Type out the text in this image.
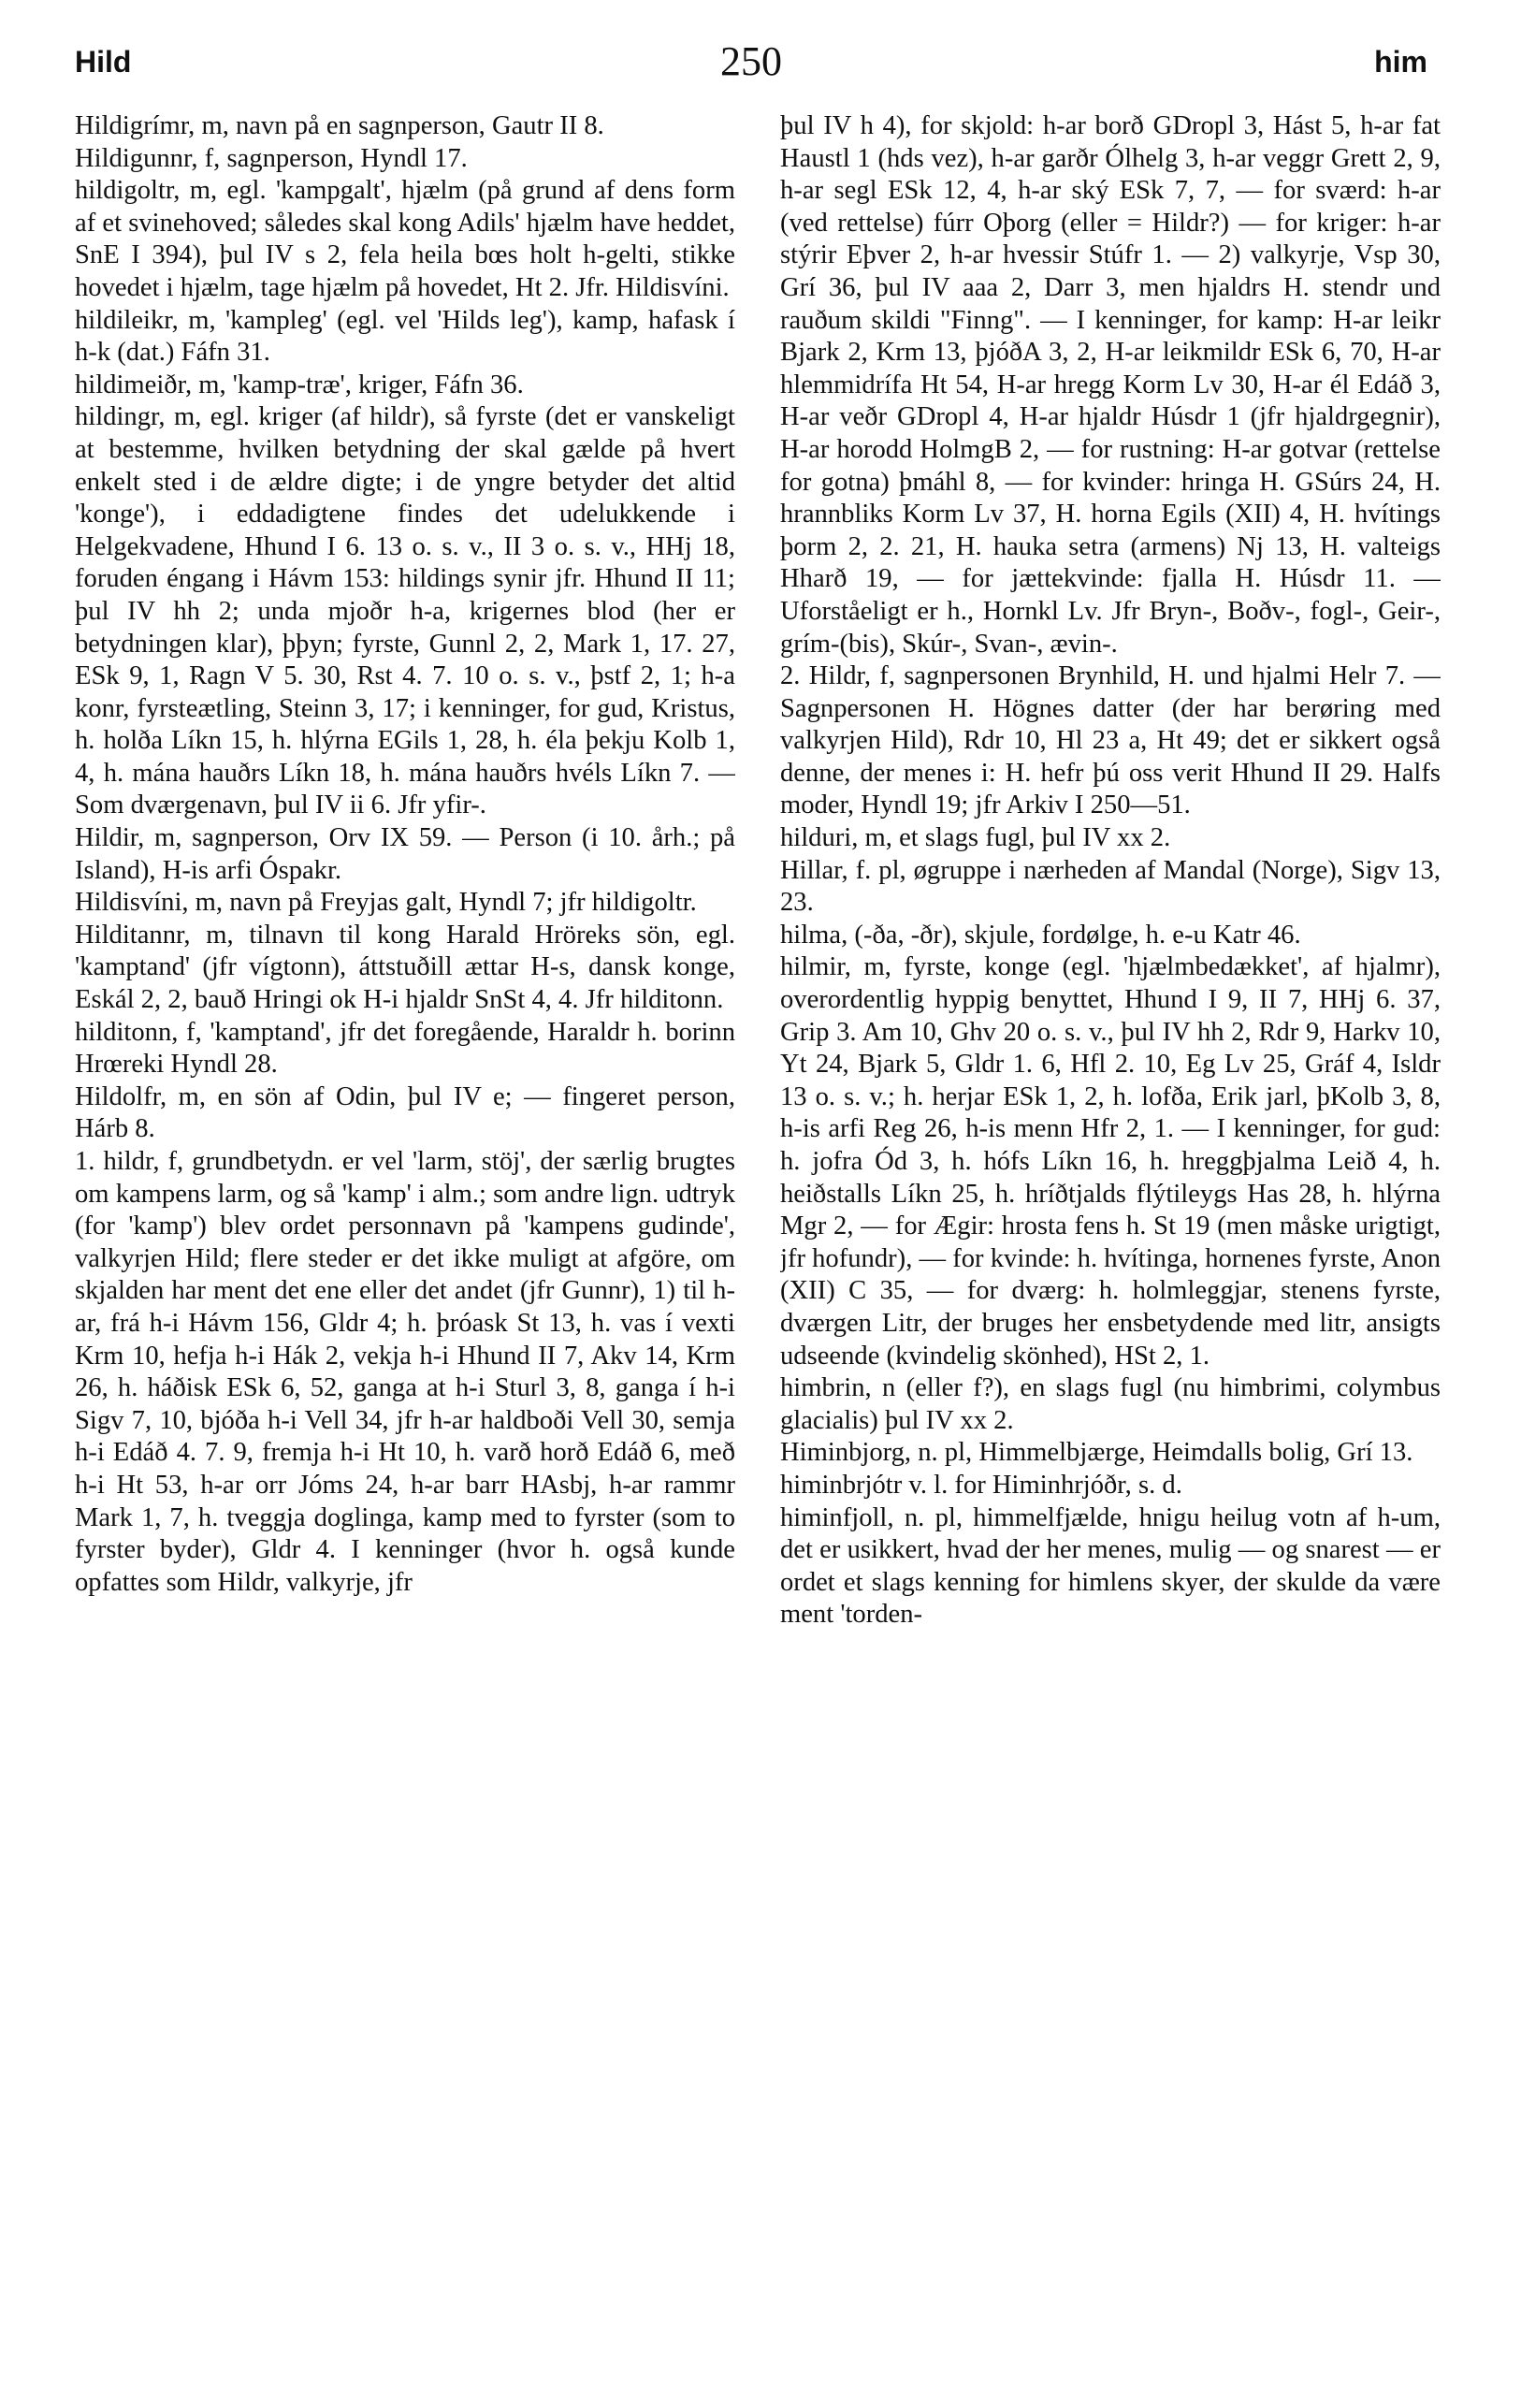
Hild	250	him

Hildigrímr, m, navn på en sagnperson, Gautr II 8.

Hildigunnr, f, sagnperson, Hyndl 17.

hildigoltr, m, egl. 'kampgalt', hjælm (på grund af dens form af et svinehoved; således skal kong Adils' hjælm have heddet, SnE I 394), þul IV s 2, fela heila bœs holt h-gelti, stikke hovedet i hjælm, tage hjælm på hovedet, Ht 2. Jfr. Hildisvíni.

hildileikr, m, 'kampleg' (egl. vel 'Hilds leg'), kamp, hafask í h-k (dat.) Fáfn 31.

hildimeiðr, m, 'kamp-træ', kriger, Fáfn 36.

hildingr, m, egl. kriger (af hildr), så fyrste (det er vanskeligt at bestemme, hvilken betydning der skal gælde på hvert enkelt sted i de ældre digte; i de yngre betyder det altid 'konge'), i eddadigtene findes det udelukkende i Helgekvadene, Hhund I 6. 13 o. s. v., II 3 o. s. v., HHj 18, foruden éngang i Hávm 153: hildings synir jfr. Hhund II 11; þul IV hh 2; unda mjoðr h-a, krigernes blod (her er betydningen klar), þþyn; fyrste, Gunnl 2, 2, Mark 1, 17. 27, ESk 9, 1, Ragn V 5. 30, Rst 4. 7. 10 o. s. v., þstf 2, 1; h-a konr, fyrsteætling, Steinn 3, 17; i kenninger, for gud, Kristus, h. holða Líkn 15, h. hlýrna EGils 1, 28, h. éla þekju Kolb 1, 4, h. mána hauðrs Líkn 18, h. mána hauðrs hvéls Líkn 7. — Som dværgenavn, þul IV ii 6. Jfr yfir-.

Hildir, m, sagnperson, Orv IX 59. — Person (i 10. årh.; på Island), H-is arfi Óspakr.

Hildisvíni, m, navn på Freyjas galt, Hyndl 7; jfr hildigoltr.

Hilditannr, m, tilnavn til kong Harald Hröreks sön, egl. 'kamptand' (jfr vígtonn), áttstuðill ættar H-s, dansk konge, Eskál 2, 2, bauð Hringi ok H-i hjaldr SnSt 4, 4. Jfr hilditonn.

hilditonn, f, 'kamptand', jfr det foregående, Haraldr h. borinn Hrœreki Hyndl 28.

Hildolfr, m, en sön af Odin, þul IV e; — fingeret person, Hárb 8.

1. hildr, f, grundbetydn. er vel 'larm, stöj', der særlig brugtes om kampens larm, og så 'kamp' i alm.; som andre lign. udtryk (for 'kamp') blev ordet personnavn på 'kampens gudinde', valkyrjen Hild; flere steder er det ikke muligt at afgöre, om skjalden har ment det ene eller det andet (jfr Gunnr), 1) til h-ar, frá h-i Hávm 156, Gldr 4; h. þróask St 13, h. vas í vexti Krm 10, hefja h-i Hák 2, vekja h-i Hhund II 7, Akv 14, Krm 26, h. háðisk ESk 6, 52, ganga at h-i Sturl 3, 8, ganga í h-i Sigv 7, 10, bjóða h-i Vell 34, jfr h-ar haldboði Vell 30, semja h-i Edáð 4. 7. 9, fremja h-i Ht 10, h. varð horð Edáð 6, með h-i Ht 53, h-ar orr Jóms 24, h-ar barr HAsbj, h-ar rammr Mark 1, 7, h. tveggja doglinga, kamp med to fyrster (som to fyrster byder), Gldr 4. I kenninger (hvor h. også kunde opfattes som Hildr, valkyrje, jfr

þul IV h 4), for skjold: h-ar borð GDropl 3, Hást 5, h-ar fat Haustl 1 (hds vez), h-ar garðr Ólhelg 3, h-ar veggr Grett 2, 9, h-ar segl ESk 12, 4, h-ar ský ESk 7, 7, — for sværd: h-ar (ved rettelse) fúrr Oþorg (eller = Hildr?) — for kriger: h-ar stýrir Eþver 2, h-ar hvessir Stúfr 1. — 2) valkyrje, Vsp 30, Grí 36, þul IV aaa 2, Darr 3, men hjaldrs H. stendr und rauðum skildi "Finng". — I kenninger, for kamp: H-ar leikr Bjark 2, Krm 13, þjóðA 3, 2, H-ar leikmildr ESk 6, 70, H-ar hlemmidrífa Ht 54, H-ar hregg Korm Lv 30, H-ar él Edáð 3, H-ar veðr GDropl 4, H-ar hjaldr Húsdr 1 (jfr hjaldrgegnir), H-ar horodd HolmgB 2, — for rustning: H-ar gotvar (rettelse for gotna) þmáhl 8, — for kvinder: hringa H. GSúrs 24, H. hrannbliks Korm Lv 37, H. horna Egils (XII) 4, H. hvítings þorm 2, 2. 21, H. hauka setra (armens) Nj 13, H. valteigs Hharð 19, — for jættekvinde: fjalla H. Húsdr 11. — Uforståeligt er h., Hornkl Lv. Jfr Bryn-, Boðv-, fogl-, Geir-, grím-(bis), Skúr-, Svan-, ævin-.

2. Hildr, f, sagnpersonen Brynhild, H. und hjalmi Helr 7. — Sagnpersonen H. Högnes datter (der har berøring med valkyrjen Hild), Rdr 10, Hl 23 a, Ht 49; det er sikkert også denne, der menes i: H. hefr þú oss verit Hhund II 29. Halfs moder, Hyndl 19; jfr Arkiv I 250—51.

hilduri, m, et slags fugl, þul IV xx 2.

Hillar, f. pl, øgruppe i nærheden af Mandal (Norge), Sigv 13, 23.

hilma, (-ða, -ðr), skjule, fordølge, h. e-u Katr 46.

hilmir, m, fyrste, konge (egl. 'hjælmbedækket', af hjalmr), overordentlig hyppig benyttet, Hhund I 9, II 7, HHj 6. 37, Grip 3. Am 10, Ghv 20 o. s. v., þul IV hh 2, Rdr 9, Harkv 10, Yt 24, Bjark 5, Gldr 1. 6, Hfl 2. 10, Eg Lv 25, Gráf 4, Isldr 13 o. s. v.; h. herjar ESk 1, 2, h. lofða, Erik jarl, þKolb 3, 8, h-is arfi Reg 26, h-is menn Hfr 2, 1. — I kenninger, for gud: h. jofra Ód 3, h. hófs Líkn 16, h. hreggþjalma Leið 4, h. heiðstalls Líkn 25, h. hríðtjalds flýtileygs Has 28, h. hlýrna Mgr 2, — for Ægir: hrosta fens h. St 19 (men måske urigtigt, jfr hofundr), — for kvinde: h. hvítinga, hornenes fyrste, Anon (XII) C 35, — for dværg: h. holmleggjar, stenens fyrste, dværgen Litr, der bruges her ensbetydende med litr, ansigts udseende (kvindelig skönhed), HSt 2, 1.

himbrin, n (eller f?), en slags fugl (nu himbrimi, colymbus glacialis) þul IV xx 2.

Himinbjorg, n. pl, Himmelbjærge, Heimdalls bolig, Grí 13.

himinbrjótr v. l. for Himinhrjóðr, s. d.

himinfjoll, n. pl, himmelfjælde, hnigu heilug votn af h-um, det er usikkert, hvad der her menes, mulig — og snarest — er ordet et slags kenning for himlens skyer, der skulde da være ment 'torden-
